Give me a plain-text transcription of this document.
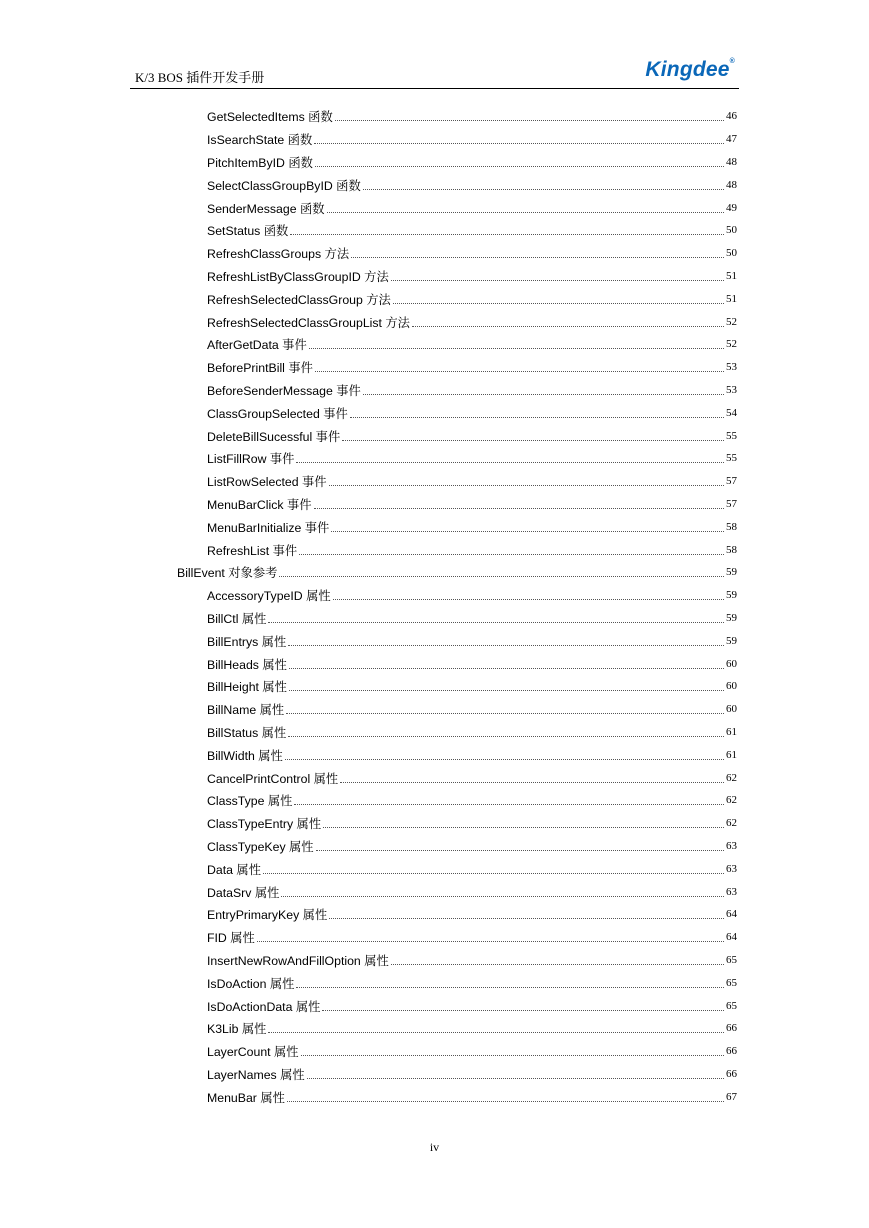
K/3 BOS 插件开发手册	Kingdee®
GetSelectedItems 函数	46
IsSearchState 函数	47
PitchItemByID 函数	48
SelectClassGroupByID 函数	48
SenderMessage 函数	49
SetStatus 函数	50
RefreshClassGroups 方法	50
RefreshListByClassGroupID 方法	51
RefreshSelectedClassGroup 方法	51
RefreshSelectedClassGroupList 方法	52
AfterGetData 事件	52
BeforePrintBill 事件	53
BeforeSenderMessage 事件	53
ClassGroupSelected 事件	54
DeleteBillSucessful 事件	55
ListFillRow 事件	55
ListRowSelected 事件	57
MenuBarClick 事件	57
MenuBarInitialize 事件	58
RefreshList 事件	58
BillEvent 对象参考	59
AccessoryTypeID 属性	59
BillCtl 属性	59
BillEntrys 属性	59
BillHeads 属性	60
BillHeight 属性	60
BillName 属性	60
BillStatus 属性	61
BillWidth 属性	61
CancelPrintControl 属性	62
ClassType 属性	62
ClassTypeEntry 属性	62
ClassTypeKey 属性	63
Data 属性	63
DataSrv 属性	63
EntryPrimaryKey 属性	64
FID 属性	64
InsertNewRowAndFillOption 属性	65
IsDoAction 属性	65
IsDoActionData 属性	65
K3Lib 属性	66
LayerCount 属性	66
LayerNames 属性	66
MenuBar 属性	67
iv
